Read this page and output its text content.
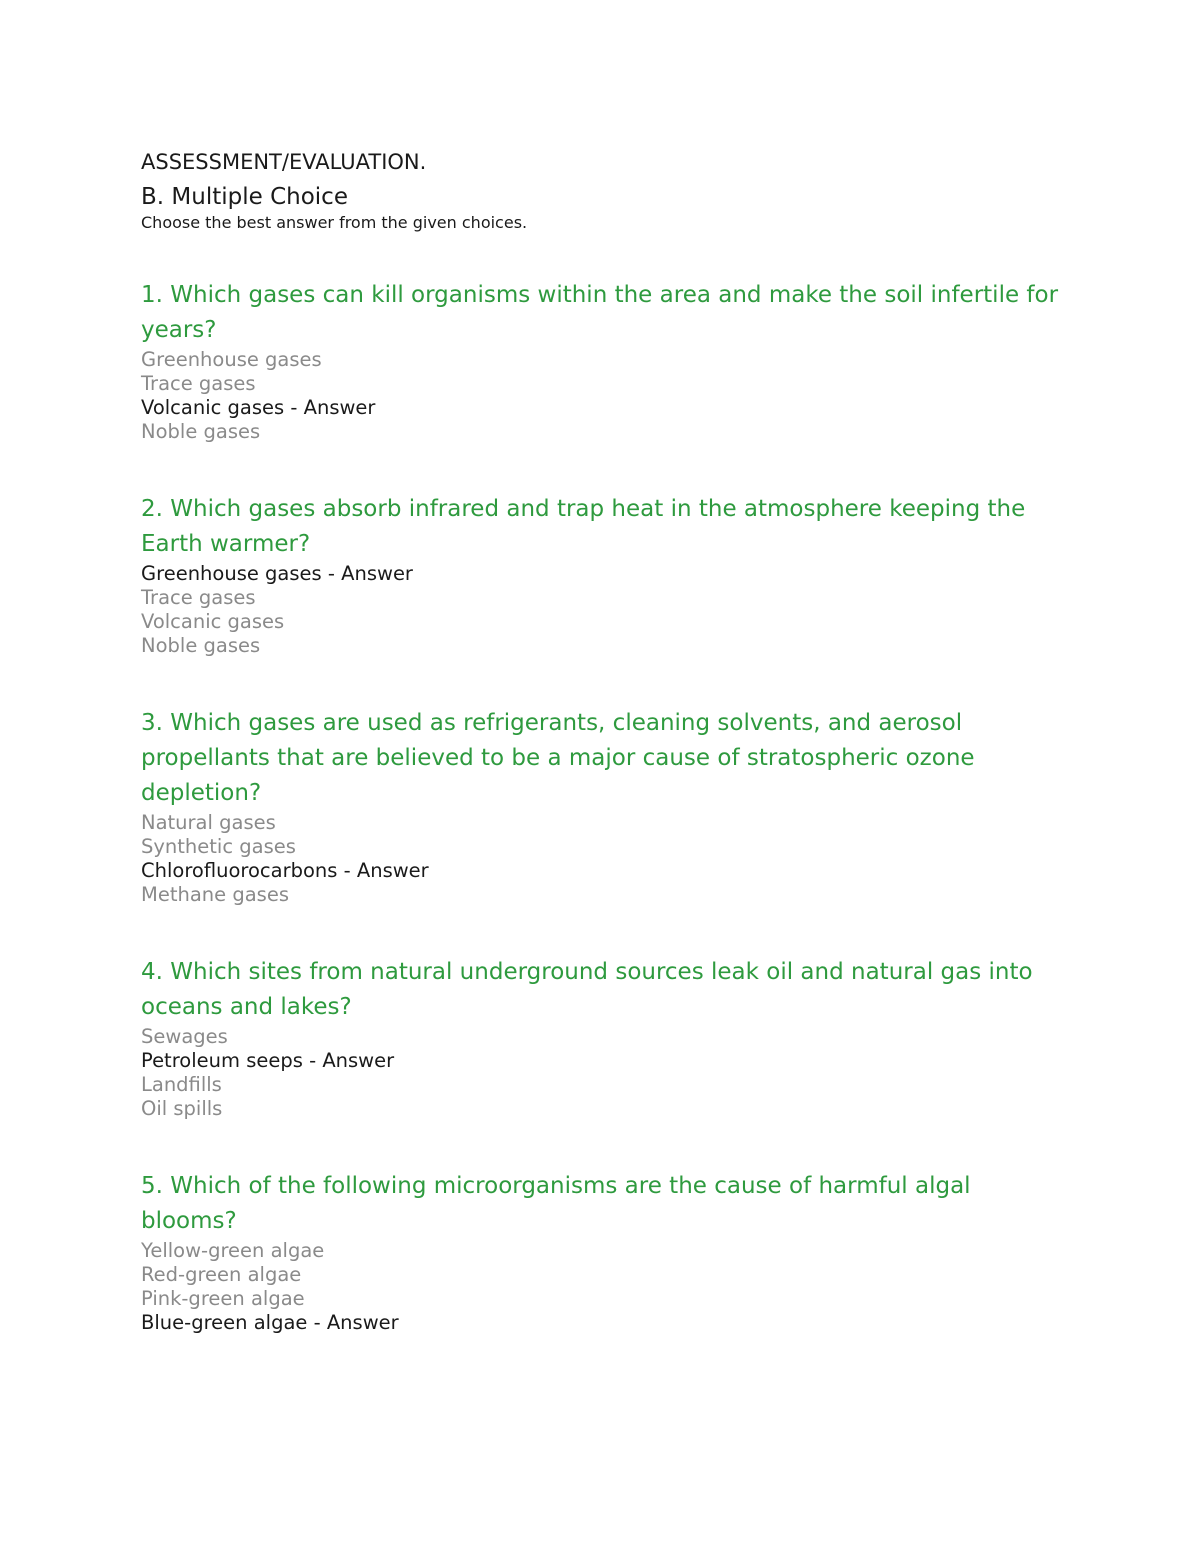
ASSESSMENT/EVALUATION.

B. Multiple Choice

Choose the best answer from the given choices.

1. Which gases can kill organisms within the area and make the soil infertile for years?

Greenhouse gases
Trace gases
Volcanic gases - Answer
Noble gases

2. Which gases absorb infrared and trap heat in the atmosphere keeping the Earth warmer?

Greenhouse gases - Answer
Trace gases
Volcanic gases
Noble gases

3. Which gases are used as refrigerants, cleaning solvents, and aerosol propellants that are believed to be a major cause of stratospheric ozone depletion?

Natural gases
Synthetic gases
Chlorofluorocarbons - Answer
Methane gases

4. Which sites from natural underground sources leak oil and natural gas into oceans and lakes?

Sewages
Petroleum seeps - Answer
Landfills
Oil spills

5. Which of the following microorganisms are the cause of harmful algal blooms?

Yellow-green algae
Red-green algae
Pink-green algae
Blue-green algae - Answer
